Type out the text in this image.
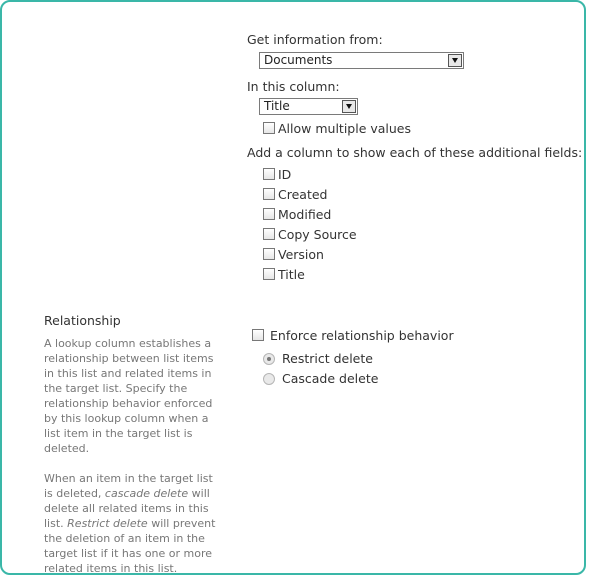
Get information from:
Documents
In this column:
Title
Allow multiple values
Add a column to show each of these additional fields:
ID
Created
Modified
Copy Source
Version
Title
Relationship

A lookup column establishes a relationship between list items in this list and related items in the target list. Specify the relationship behavior enforced by this lookup column when a list item in the target list is deleted.

When an item in the target list is deleted, cascade delete will delete all related items in this list. Restrict delete will prevent the deletion of an item in the target list if it has one or more related items in this list.

Enforce relationship behavior
Restrict delete
Cascade delete
